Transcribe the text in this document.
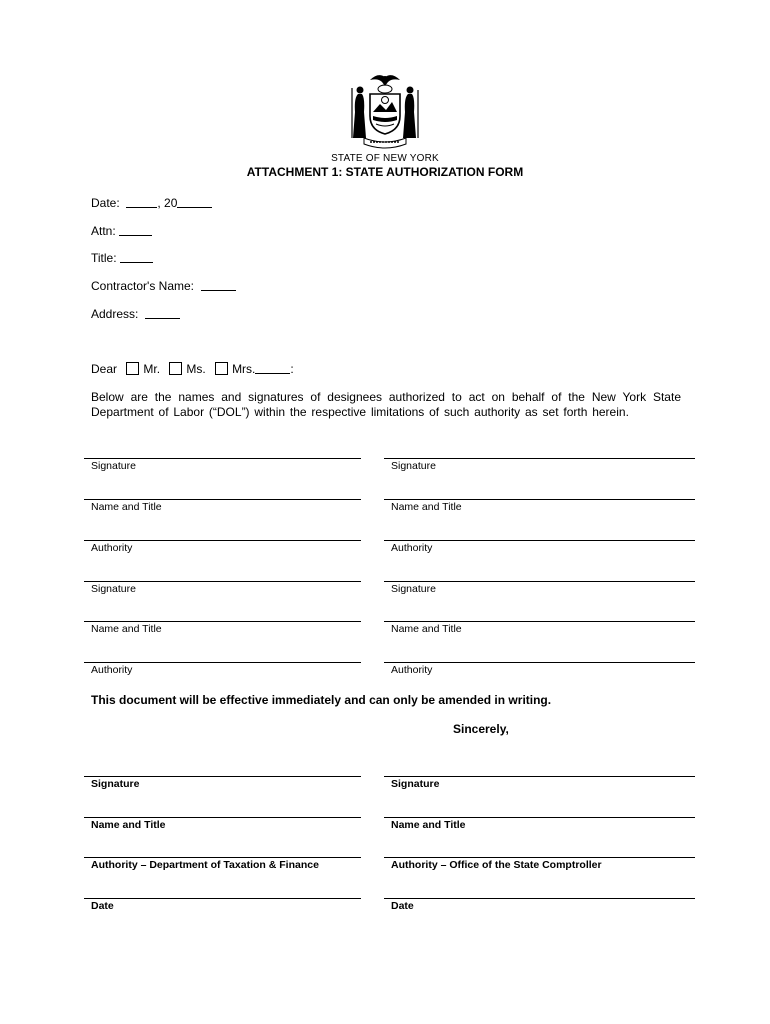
STATE OF NEW YORK
ATTACHMENT 1: STATE AUTHORIZATION FORM
Date:	, 20
Attn:
Title:
Contractor's Name:
Address:
Dear Mr. Ms. Mrs.	:
Below are the names and signatures of designees authorized to act on behalf of the New York State Department of Labor (“DOL”) within the respective limitations of such authority as set forth herein.
Signature
Name and Title
Authority
Signature
Name and Title
Authority
Signature
Name and Title
Authority
Signature
Name and Title
Authority
This document will be effective immediately and can only be amended in writing.
Sincerely,
Signature
Name and Title
Authority – Department of Taxation & Finance
Date
Signature
Name and Title
Authority – Office of the State Comptroller
Date
